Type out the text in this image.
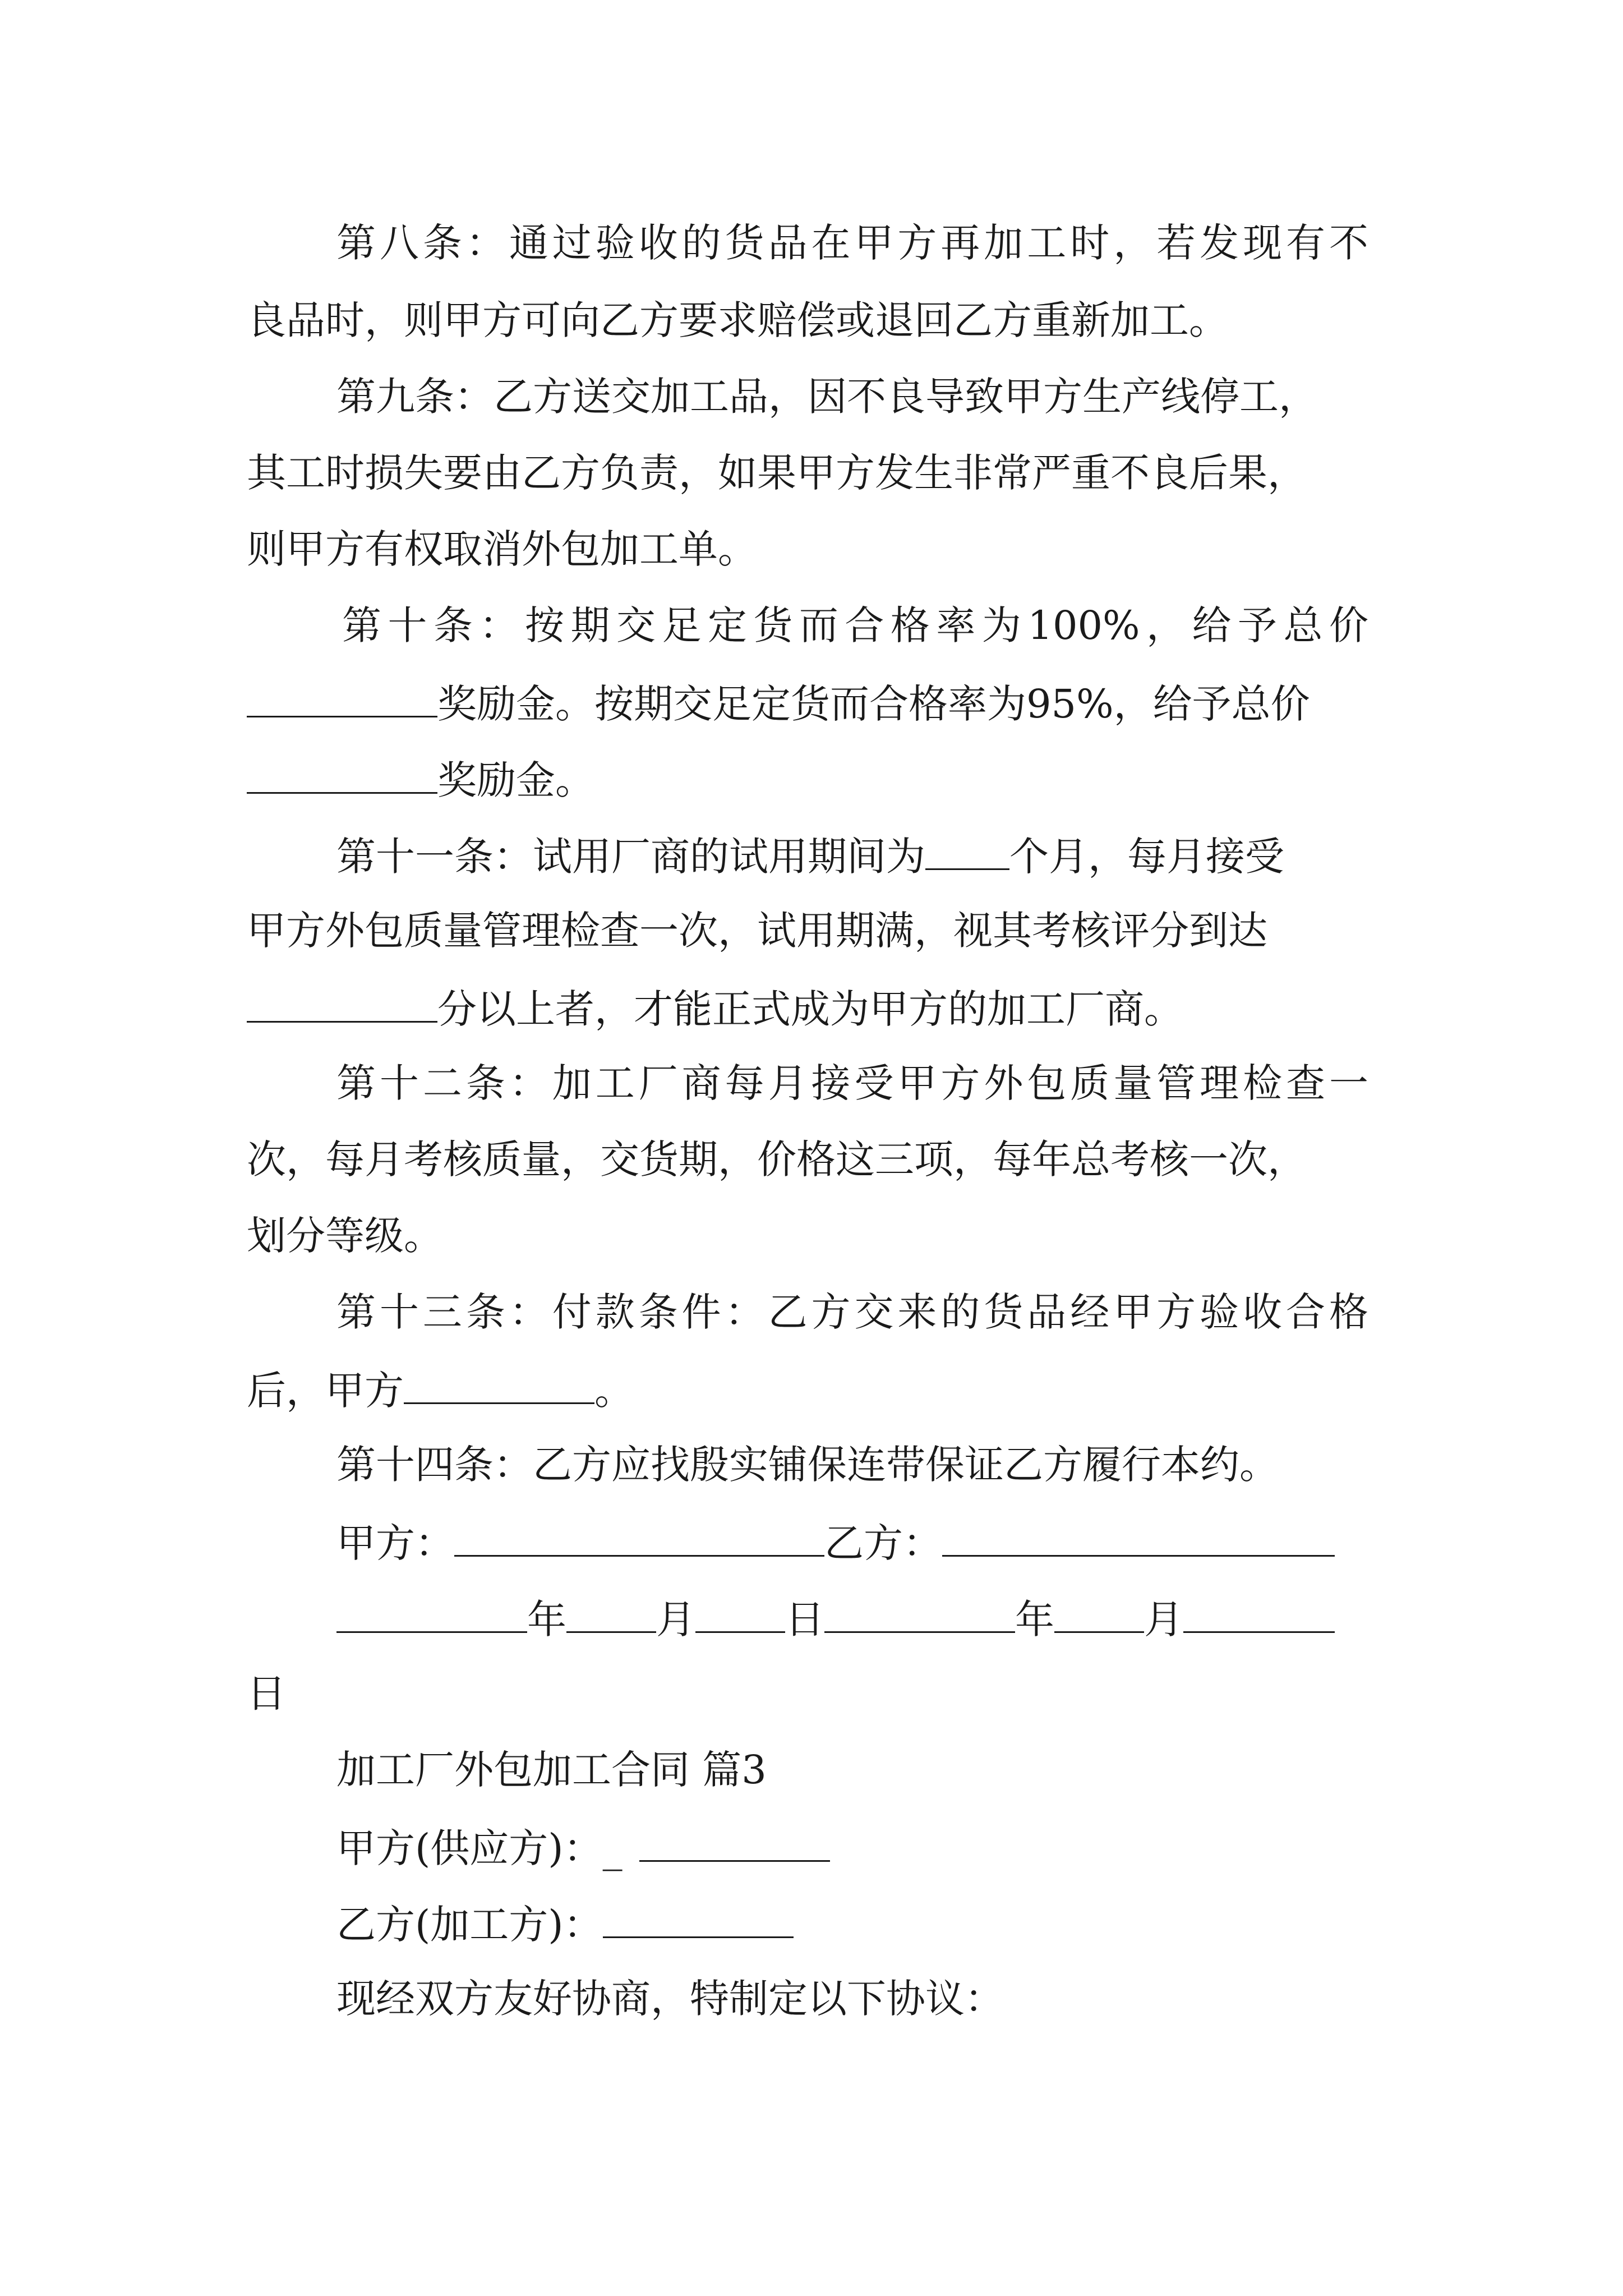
第八条：通过验收的货品在甲方再加工时，若发现有不
良品时，则甲方可向乙方要求赔偿或退回乙方重新加工。
第九条：乙方送交加工品，因不良导致甲方生产线停工，
其工时损失要由乙方负责，如果甲方发生非常严重不良后果，
则甲方有权取消外包加工单。
第十条：按期交足定货而合格率为100%，给予总价
奖励金。按期交足定货而合格率为95%，给予总价
奖励金。
第十一条：试用厂商的试用期间为 个月，每月接受
甲方外包质量管理检查一次，试用期满，视其考核评分到达
分以上者，才能正式成为甲方的加工厂商。
第十二条：加工厂商每月接受甲方外包质量管理检查一
次，每月考核质量，交货期，价格这三项，每年总考核一次，
划分等级。
第十三条：付款条件：乙方交来的货品经甲方验收合格
后，甲方	。
第十四条：乙方应找殷实铺保连带保证乙方履行本约。
甲方：	乙方：
年 月 日	年 月
日
加工厂外包加工合同 篇3
甲方(供应方)：_
乙方(加工方)：
现经双方友好协商，特制定以下协议：
